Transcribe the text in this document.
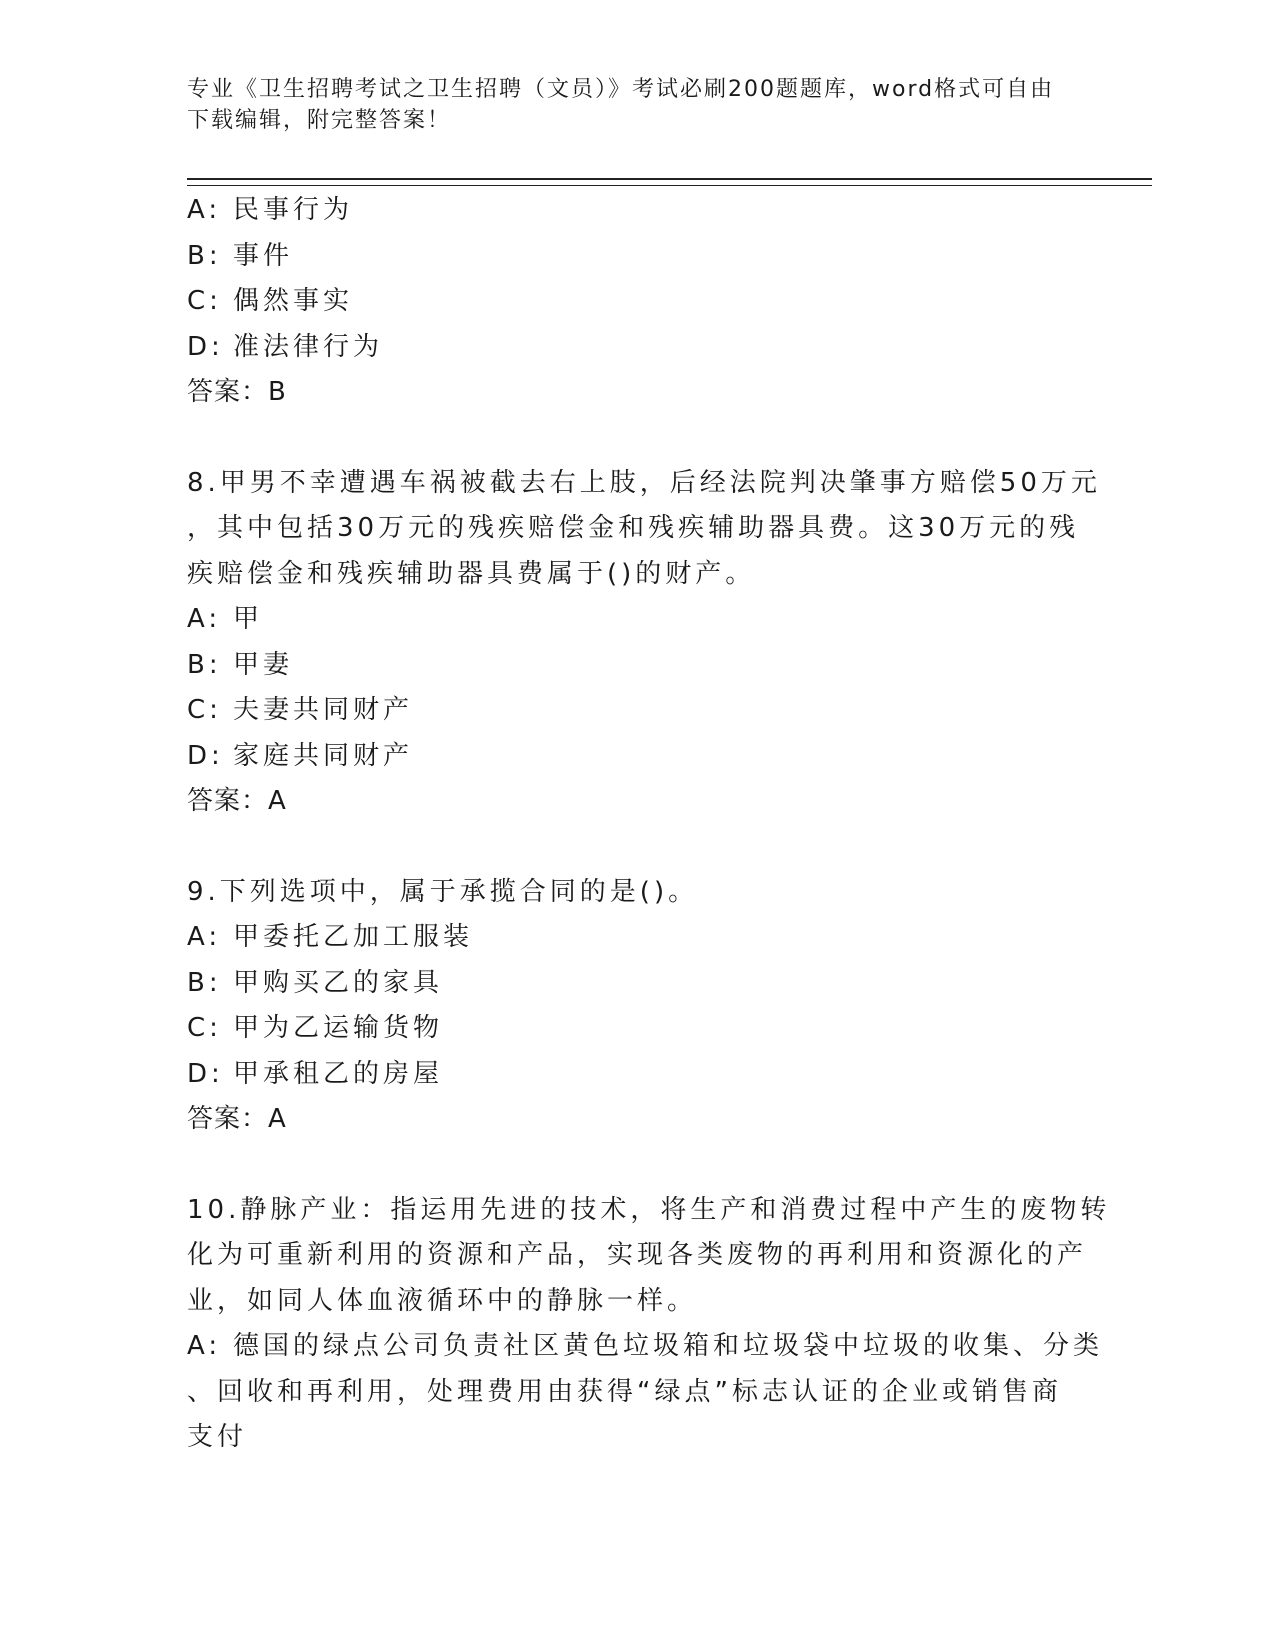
专业《卫生招聘考试之卫生招聘（文员）》考试必刷200题题库，word格式可自由下载编辑，附完整答案！
A: 民事行为
B: 事件
C: 偶然事实
D: 准法律行为
答案：B
8.甲男不幸遭遇车祸被截去右上肢，后经法院判决肇事方赔偿50万元
，其中包括30万元的残疾赔偿金和残疾辅助器具费。这30万元的残
疾赔偿金和残疾辅助器具费属于()的财产。
A: 甲
B: 甲妻
C: 夫妻共同财产
D: 家庭共同财产
答案：A
9.下列选项中，属于承揽合同的是()。
A: 甲委托乙加工服装
B: 甲购买乙的家具
C: 甲为乙运输货物
D: 甲承租乙的房屋
答案：A
10.静脉产业：指运用先进的技术，将生产和消费过程中产生的废物转
化为可重新利用的资源和产品，实现各类废物的再利用和资源化的产
业，如同人体血液循环中的静脉一样。
A: 德国的绿点公司负责社区黄色垃圾箱和垃圾袋中垃圾的收集、分类
、回收和再利用，处理费用由获得“绿点”标志认证的企业或销售商
支付
